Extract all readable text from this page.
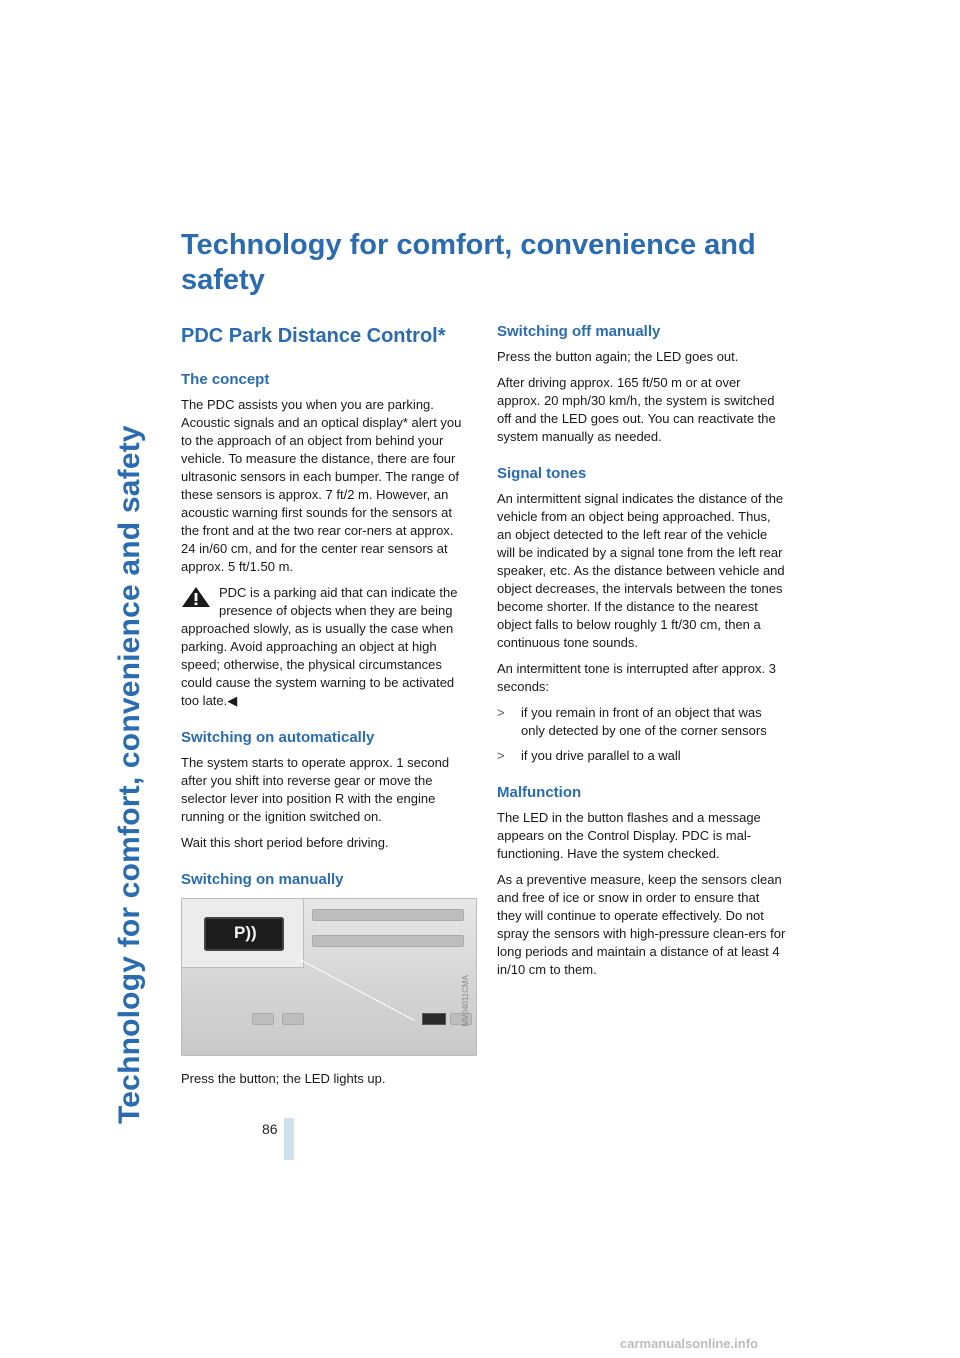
Technology for comfort, convenience and safety
86
Technology for comfort, convenience and safety
PDC Park Distance Control*
The concept

The PDC assists you when you are parking. Acoustic signals and an optical display* alert you to the approach of an object from behind your vehicle. To measure the distance, there are four ultrasonic sensors in each bumper. The range of these sensors is approx. 7 ft/2 m. However, an acoustic warning first sounds for the sensors at the front and at the two rear cor-ners at approx. 24 in/60 cm, and for the center rear sensors at approx. 5 ft/1.50 m.

PDC is a parking aid that can indicate the presence of objects when they are being approached slowly, as is usually the case when parking. Avoid approaching an object at high speed; otherwise, the physical circumstances could cause the system warning to be activated too late.◀

Switching on automatically

The system starts to operate approx. 1 second after you shift into reverse gear or move the selector lever into position R with the engine running or the ignition switched on.

Wait this short period before driving.

Switching on manually
P))
MV04011CMA

Press the button; the LED lights up.

Switching off manually

Press the button again; the LED goes out.

After driving approx. 165 ft/50 m or at over approx. 20 mph/30 km/h, the system is switched off and the LED goes out. You can reactivate the system manually as needed.

Signal tones

An intermittent signal indicates the distance of the vehicle from an object being approached. Thus, an object detected to the left rear of the vehicle will be indicated by a signal tone from the left rear speaker, etc. As the distance between vehicle and object decreases, the intervals between the tones become shorter. If the distance to the nearest object falls to below roughly 1 ft/30 cm, then a continuous tone sounds.

An intermittent tone is interrupted after approx. 3 seconds:

> if you remain in front of an object that was only detected by one of the corner sensors
> if you drive parallel to a wall
Malfunction

The LED in the button flashes and a message appears on the Control Display. PDC is mal-functioning. Have the system checked.

As a preventive measure, keep the sensors clean and free of ice or snow in order to ensure that they will continue to operate effectively. Do not spray the sensors with high-pressure clean-ers for long periods and maintain a distance of at least 4 in/10 cm to them.

carmanualsonline.info
